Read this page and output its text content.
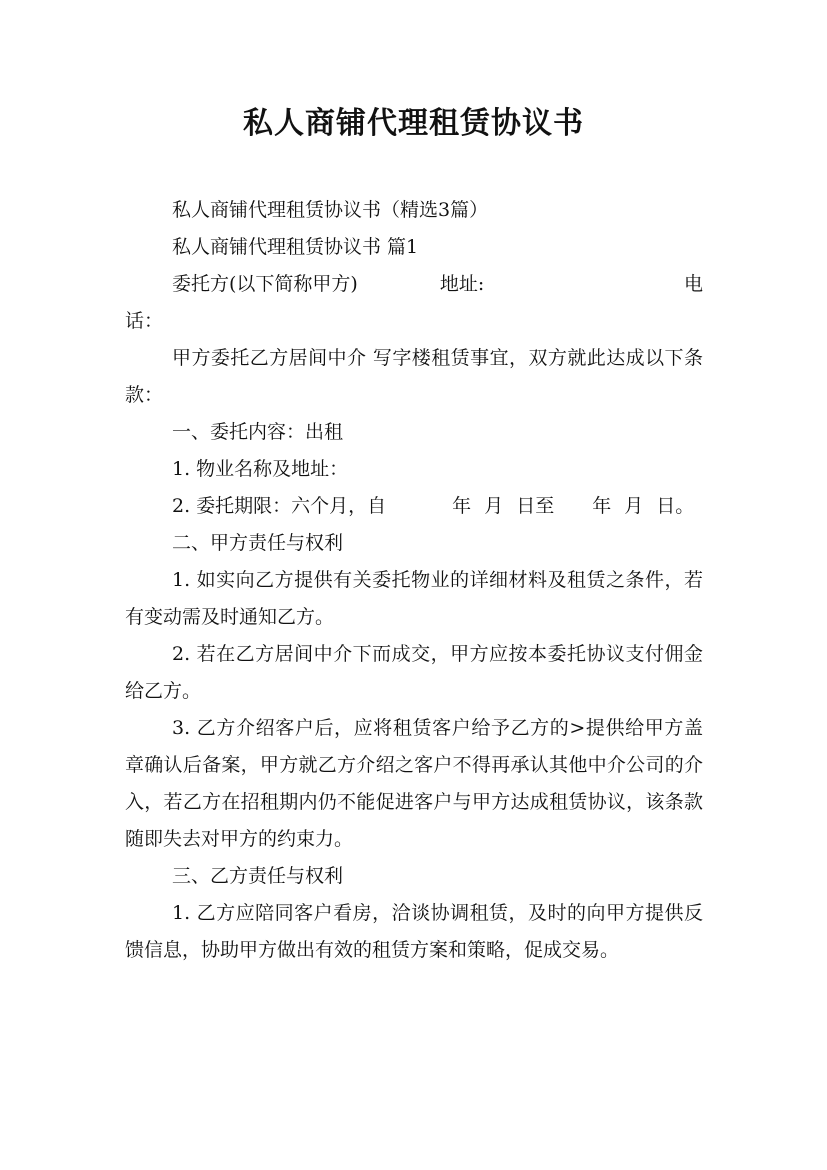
私人商铺代理租赁协议书

私人商铺代理租赁协议书（精选3篇）

私人商铺代理租赁协议书 篇1

委托方(以下简称甲方)	地址:	电

话：

甲方委托乙方居间中介 写字楼租赁事宜，双方就此达成以下条款：

一、委托内容：出租

1. 物业名称及地址：

2. 委托期限：六个月，自	年 月 日至 年 月 日。

二、甲方责任与权利

1. 如实向乙方提供有关委托物业的详细材料及租赁之条件，若有变动需及时通知乙方。

2. 若在乙方居间中介下而成交，甲方应按本委托协议支付佣金给乙方。

3. 乙方介绍客户后，应将租赁客户给予乙方的>提供给甲方盖章确认后备案，甲方就乙方介绍之客户不得再承认其他中介公司的介入，若乙方在招租期内仍不能促进客户与甲方达成租赁协议，该条款随即失去对甲方的约束力。

三、乙方责任与权利

1. 乙方应陪同客户看房，洽谈协调租赁，及时的向甲方提供反馈信息，协助甲方做出有效的租赁方案和策略，促成交易。
